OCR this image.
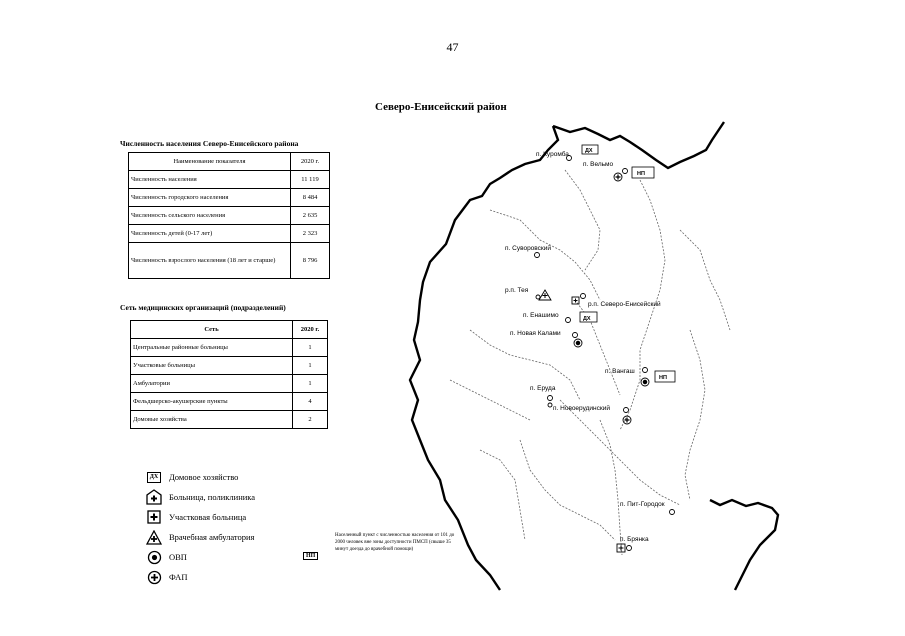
47
Северо-Енисейский район
Численность населения Северо-Енисейского района
Наименование показателя	2020 г.
Численность населения	11 119
Численность городского населения	8 484
Численность сельского населения	2 635
Численность детей (0-17 лет)	2 323
Численность взрослого населения (18 лет и старше)	8 796
Сеть медицинских организаций (подразделений)
Сеть	2020 г.
Центральные районные больницы	1
Участковые больницы	1
Амбулатории	1
Фельдшерско-акушерские пункты	4
Домовые хозяйства	2
ДХ	Домовое хозяйство
Больница, поликлиника
Участковая больница
Врачебная амбулатория
ОВП
ФАП
НП
Населенный пункт с численностью населения от 101 до 2000 человек вне зоны доступности ПМСП (свыше 35 минут доезда до врачебной помощи)
п. Куромба
п. Вельмо
п. Суворовский
р.п. Тея
р.п. Северо-Енисейский
п. Енашимо
п. Новая Калами
п. Вангаш
п. Ерудa
п. Новоерудинский
п. Пит-Городок
п. Брянка
ДХ
НП
ДХ
НП
